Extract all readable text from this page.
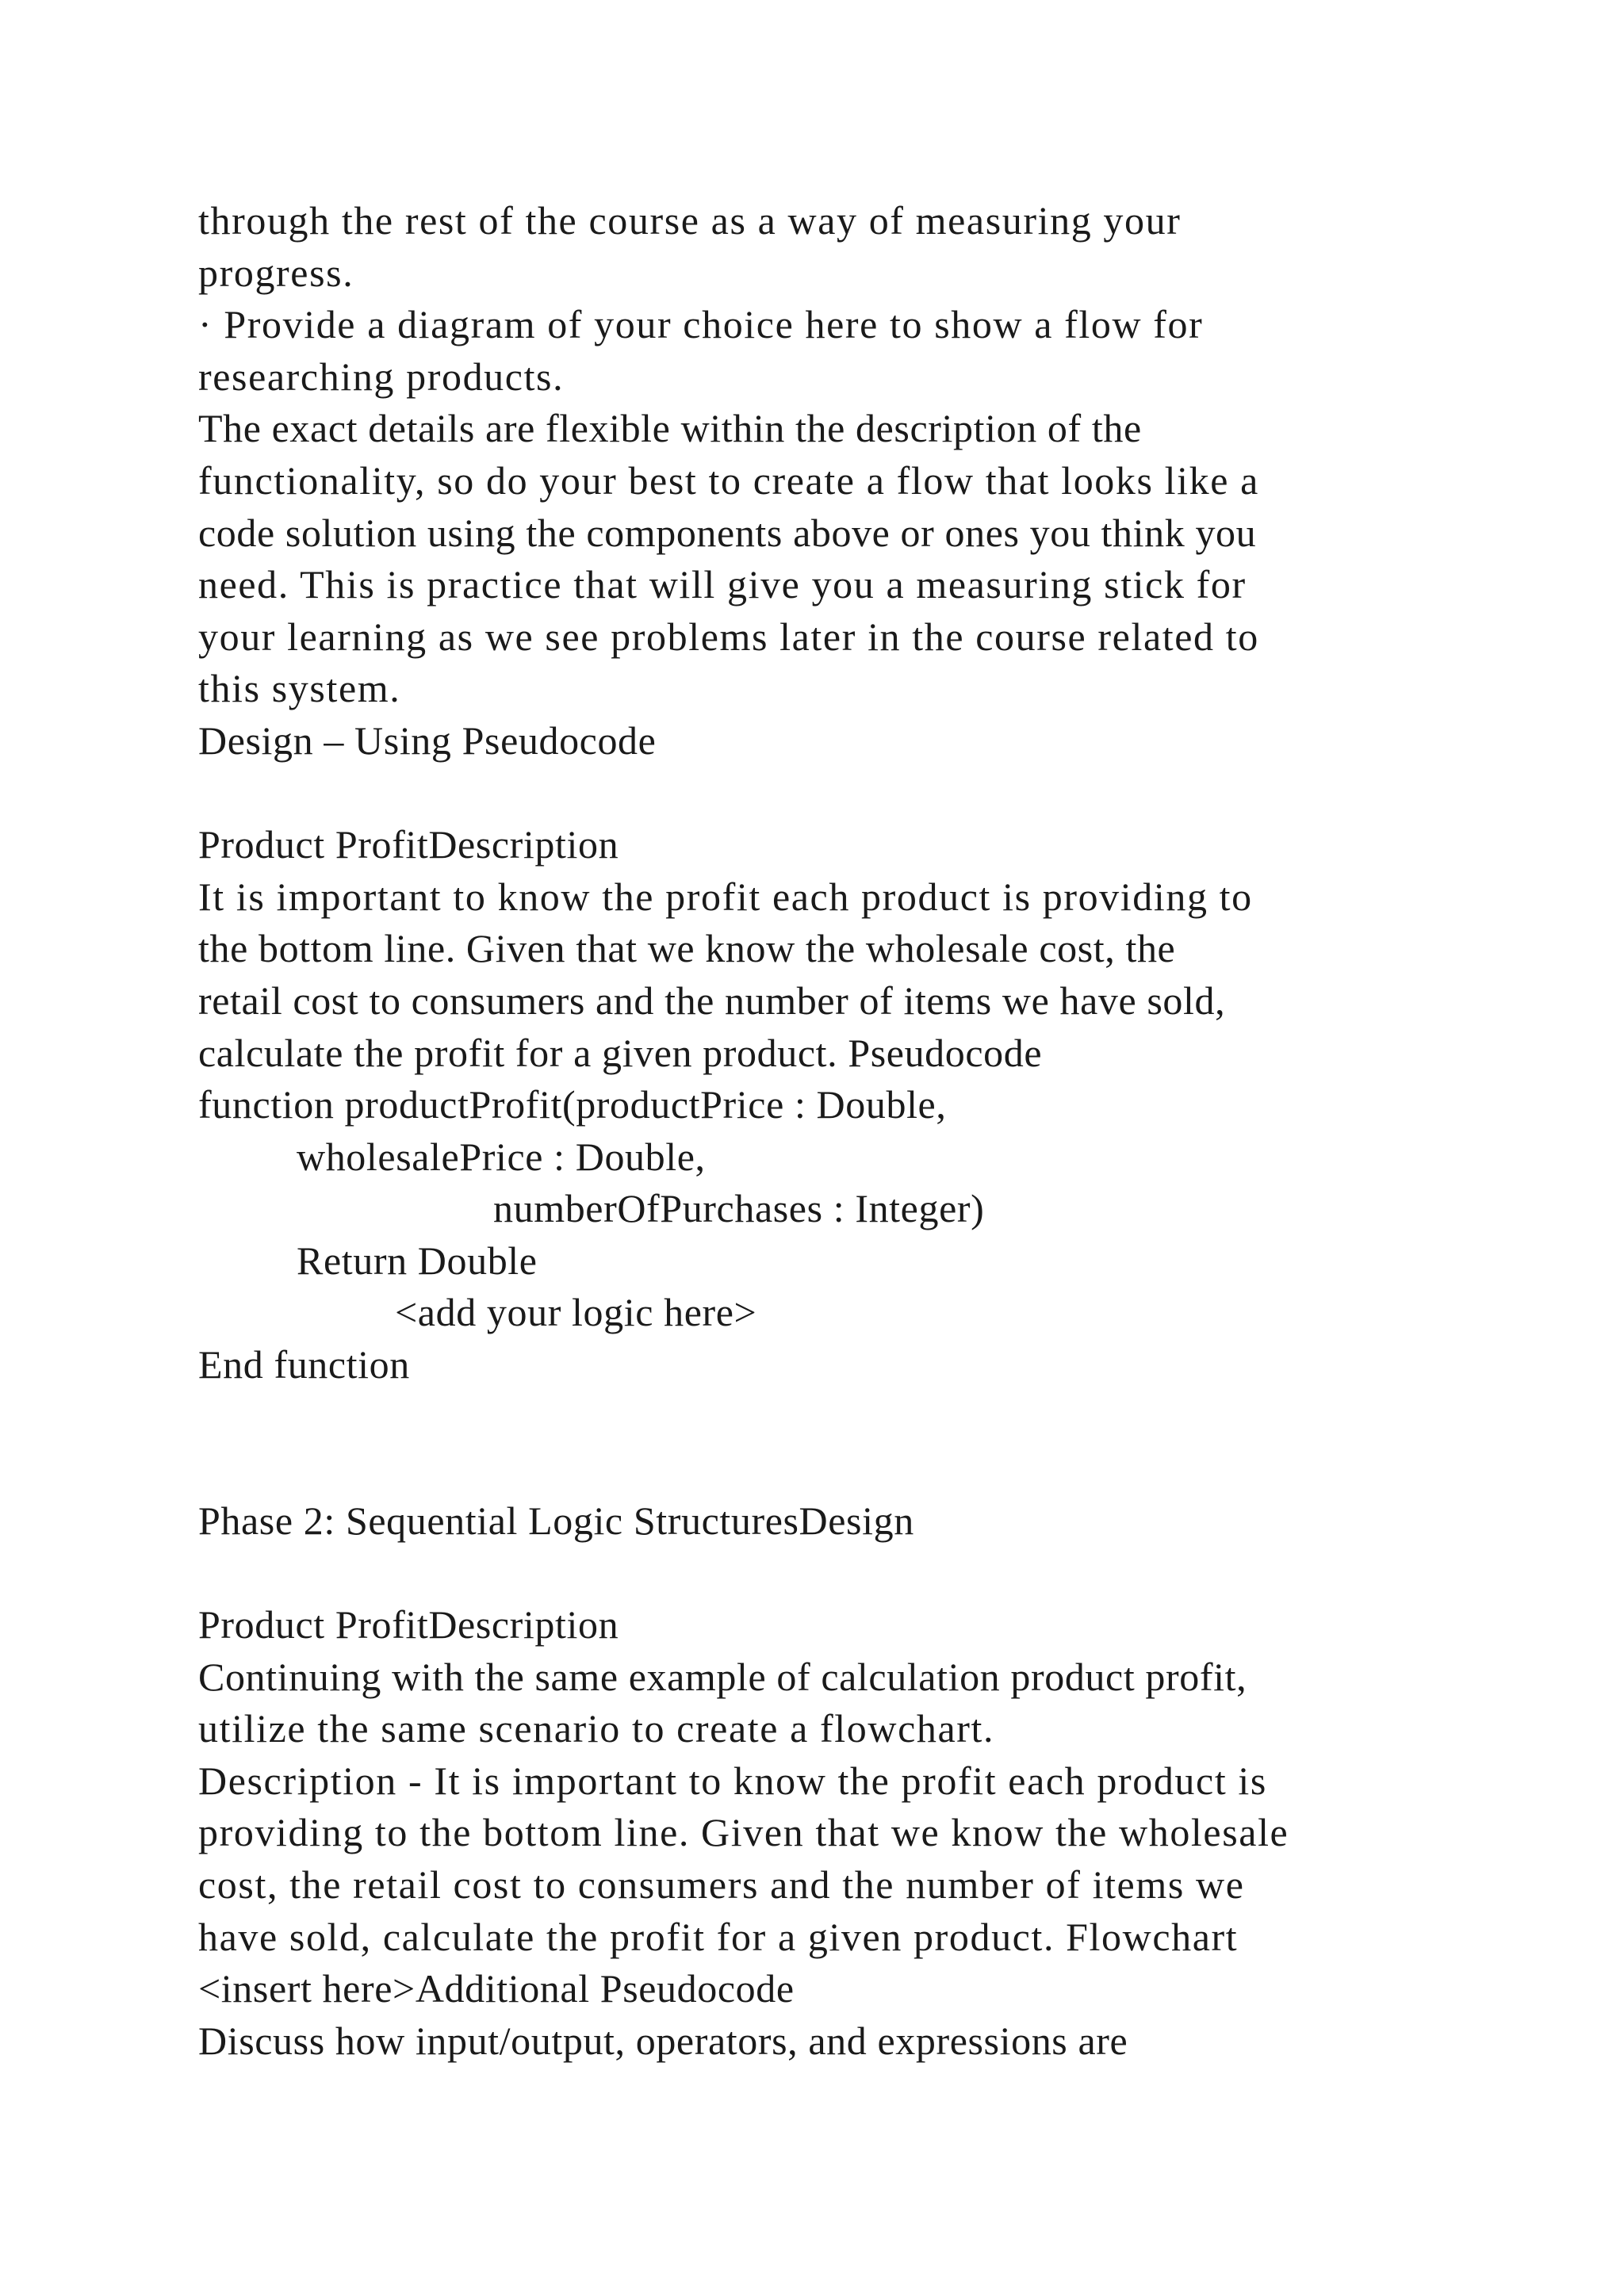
through the rest of the course as a way of measuring your
progress.
· Provide a diagram of your choice here to show a flow for
researching products.
The exact details are flexible within the description of the
functionality, so do your best to create a flow that looks like a
code solution using the components above or ones you think you
need. This is practice that will give you a measuring stick for
your learning as we see problems later in the course related to
this system.
Design – Using Pseudocode
Product ProfitDescription
It is important to know the profit each product is providing to
the bottom line. Given that we know the wholesale cost, the
retail cost to consumers and the number of items we have sold,
calculate the profit for a given product. Pseudocode
function productProfit(productPrice : Double,
wholesalePrice : Double,
numberOfPurchases : Integer)
Return Double
<add your logic here>
End function
Phase 2: Sequential Logic StructuresDesign
Product ProfitDescription
Continuing with the same example of calculation product profit,
utilize the same scenario to create a flowchart.
Description - It is important to know the profit each product is
providing to the bottom line. Given that we know the wholesale
cost, the retail cost to consumers and the number of items we
have sold, calculate the profit for a given product. Flowchart
<insert here>Additional Pseudocode
Discuss how input/output, operators, and expressions are
